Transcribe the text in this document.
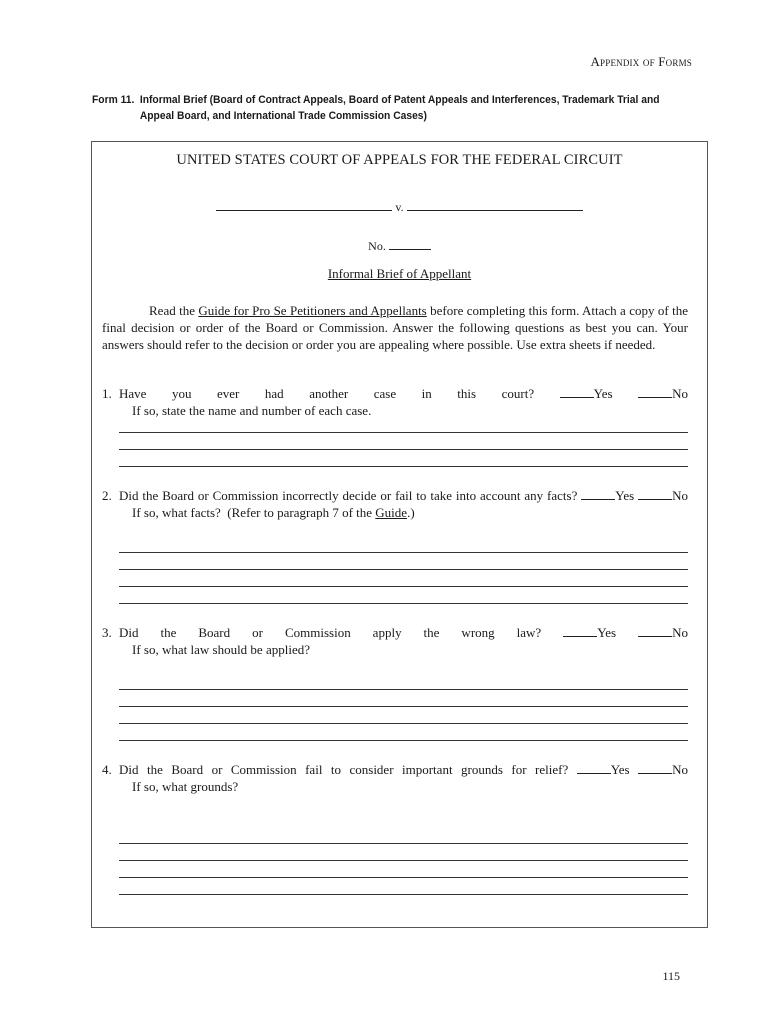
Appendix of Forms
Form 11. Informal Brief (Board of Contract Appeals, Board of Patent Appeals and Interferences, Trademark Trial and Appeal Board, and International Trade Commission Cases)
UNITED STATES COURT OF APPEALS FOR THE FEDERAL CIRCUIT
v.
No.
Informal Brief of Appellant
Read the Guide for Pro Se Petitioners and Appellants before completing this form. Attach a copy of the final decision or order of the Board or Commission. Answer the following questions as best you can. Your answers should refer to the decision or order you are appealing where possible. Use extra sheets if needed.
1. Have you ever had another case in this court?	Yes	No    If so, state the name and number of each case.
2. Did the Board or Commission incorrectly decide or fail to take into account any facts?	Yes	No    If so, what facts?  (Refer to paragraph 7 of the Guide.)
3. Did the Board or Commission apply the wrong law?	Yes	No    If so, what law should be applied?
4. Did the Board or Commission fail to consider important grounds for relief?	Yes	No    If so, what grounds?
115
